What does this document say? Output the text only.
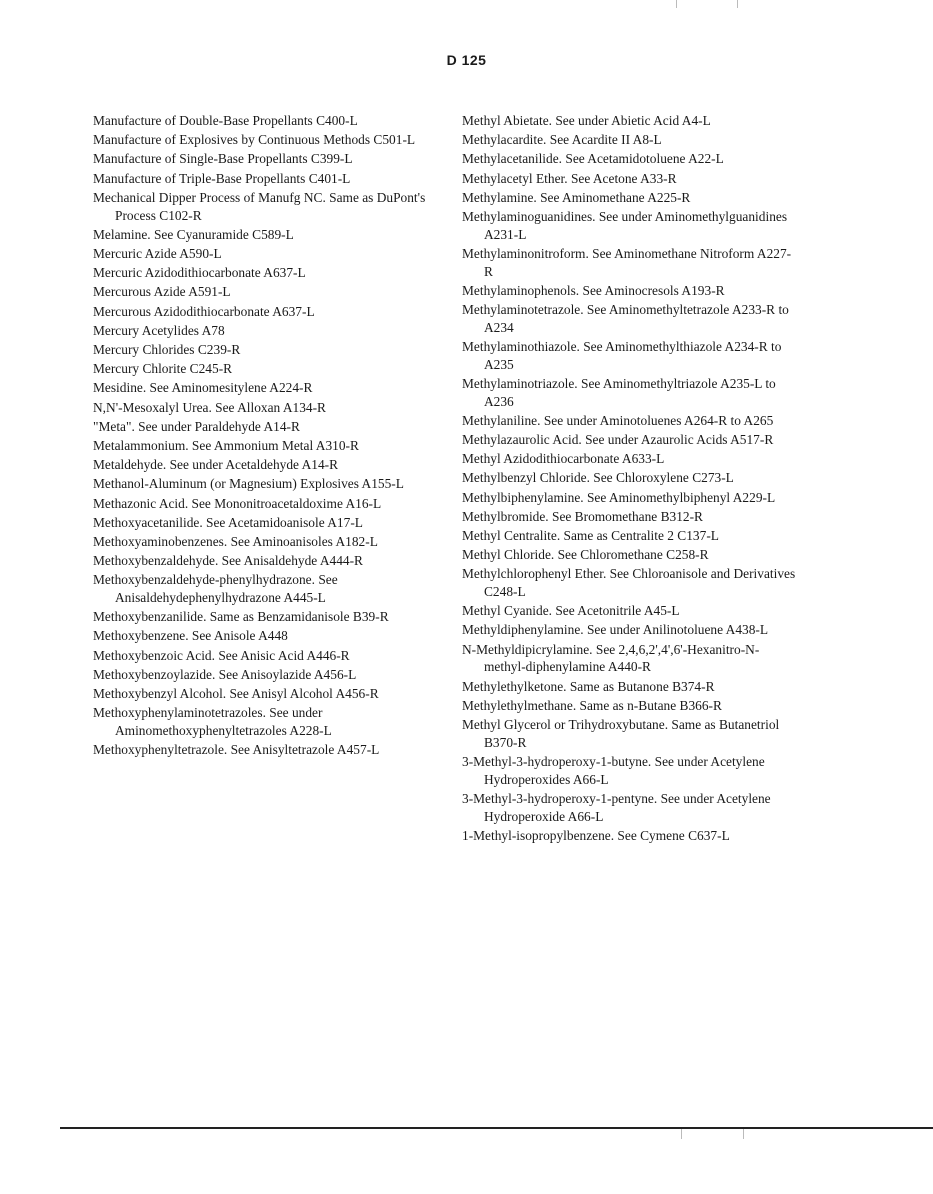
D 125

Manufacture of Double-Base Propellants C400-L

Manufacture of Explosives by Continuous Methods C501-L

Manufacture of Single-Base Propellants C399-L

Manufacture of Triple-Base Propellants C401-L

Mechanical Dipper Process of Manufg NC. Same as DuPont's Process C102-R

Melamine. See Cyanuramide C589-L

Mercuric Azide A590-L

Mercuric Azidodithiocarbonate A637-L

Mercurous Azide A591-L

Mercurous Azidodithiocarbonate A637-L

Mercury Acetylides A78

Mercury Chlorides C239-R

Mercury Chlorite C245-R

Mesidine. See Aminomesitylene A224-R

N,N'-Mesoxalyl Urea. See Alloxan A134-R

"Meta". See under Paraldehyde A14-R

Metalammonium. See Ammonium Metal A310-R

Metaldehyde. See under Acetaldehyde A14-R

Methanol-Aluminum (or Magnesium) Explosives A155-L

Methazonic Acid. See Mononitroacetaldoxime A16-L

Methoxyacetanilide. See Acetamidoanisole A17-L

Methoxyaminobenzenes. See Aminoanisoles A182-L

Methoxybenzaldehyde. See Anisaldehyde A444-R

Methoxybenzaldehyde-phenylhydrazone. See Anisaldehydephenylhydrazone A445-L

Methoxybenzanilide. Same as Benzamidanisole B39-R

Methoxybenzene. See Anisole A448

Methoxybenzoic Acid. See Anisic Acid A446-R

Methoxybenzoylazide. See Anisoylazide A456-L

Methoxybenzyl Alcohol. See Anisyl Alcohol A456-R

Methoxyphenylaminotetrazoles. See under Aminomethoxyphenyltetrazoles A228-L

Methoxyphenyltetrazole. See Anisyltetrazole A457-L

Methyl Abietate. See under Abietic Acid A4-L

Methylacardite. See Acardite II A8-L

Methylacetanilide. See Acetamidotoluene A22-L

Methylacetyl Ether. See Acetone A33-R

Methylamine. See Aminomethane A225-R

Methylaminoguanidines. See under Aminomethylguanidines A231-L

Methylaminonitroform. See Aminomethane Nitroform A227-R

Methylaminophenols. See Aminocresols A193-R

Methylaminotetrazole. See Aminomethyltetrazole A233-R to A234

Methylaminothiazole. See Aminomethylthiazole A234-R to A235

Methylaminotriazole. See Aminomethyltriazole A235-L to A236

Methylaniline. See under Aminotoluenes A264-R to A265

Methylazaurolic Acid. See under Azaurolic Acids A517-R

Methyl Azidodithiocarbonate A633-L

Methylbenzyl Chloride. See Chloroxylene C273-L

Methylbiphenylamine. See Aminomethylbiphenyl A229-L

Methylbromide. See Bromomethane B312-R

Methyl Centralite. Same as Centralite 2 C137-L

Methyl Chloride. See Chloromethane C258-R

Methylchlorophenyl Ether. See Chloroanisole and Derivatives C248-L

Methyl Cyanide. See Acetonitrile A45-L

Methyldiphenylamine. See under Anilinotoluene A438-L

N-Methyldipicrylamine. See 2,4,6,2',4',6'-Hexanitro-N-methyl-diphenylamine A440-R

Methylethylketone. Same as Butanone B374-R

Methylethylmethane. Same as n-Butane B366-R

Methyl Glycerol or Trihydroxybutane. Same as Butanetriol B370-R

3-Methyl-3-hydroperoxy-1-butyne. See under Acetylene Hydroperoxides A66-L

3-Methyl-3-hydroperoxy-1-pentyne. See under Acetylene Hydroperoxide A66-L

1-Methyl-isopropylbenzene. See Cymene C637-L
